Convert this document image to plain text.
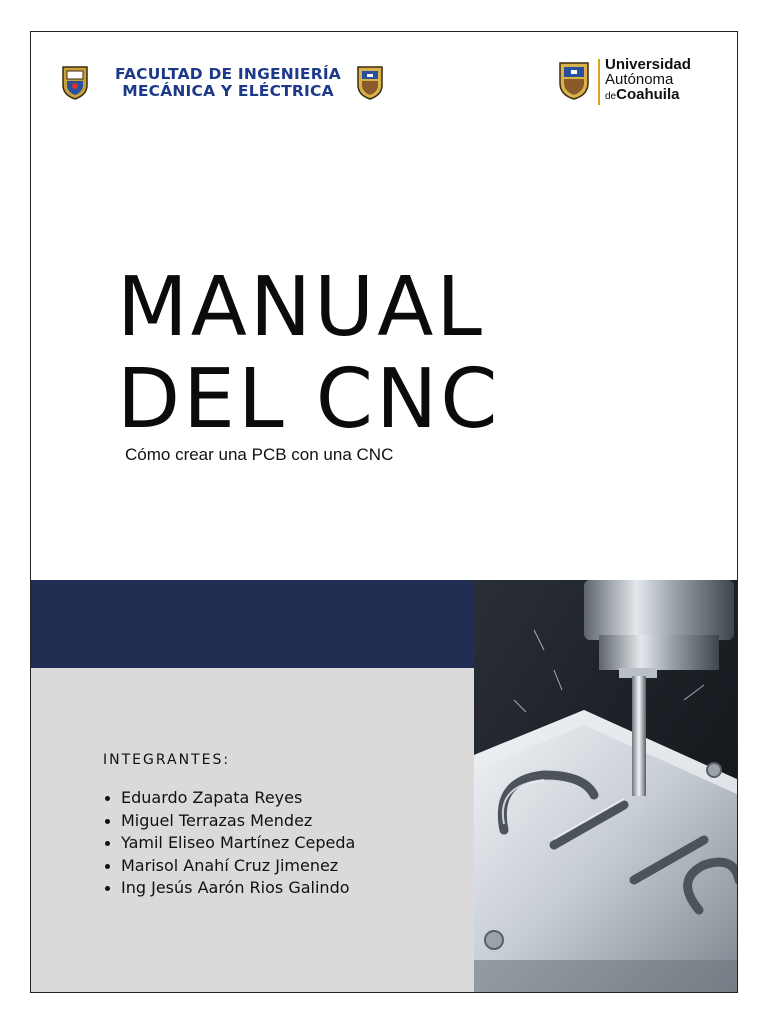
FACULTAD DE INGENIERÍA
MECÁNICA Y ELÉCTRICA
Universidad
Autónoma
deCoahuila
MANUAL
DEL CNC
Cómo crear una PCB con una CNC
INTEGRANTES:
Eduardo Zapata Reyes
Miguel Terrazas Mendez
Yamil Eliseo Martínez Cepeda
Marisol Anahí Cruz Jimenez
Ing Jesús Aarón Rios Galindo
